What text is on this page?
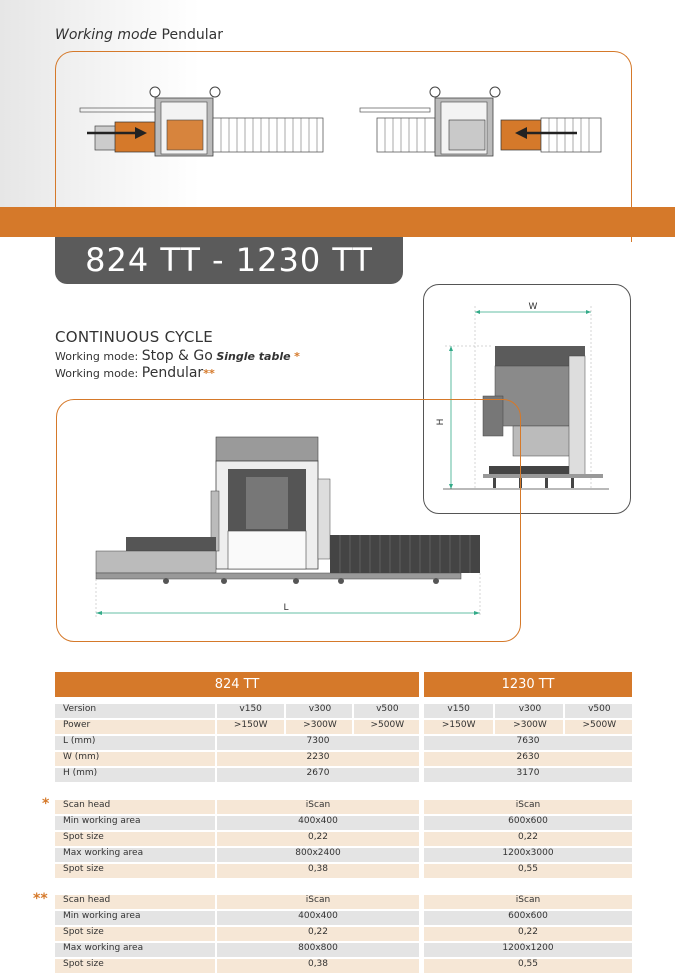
Working mode Pendular
824 TT - 1230 TT
CONTINUOUS CYCLE
Working mode: Stop & Go Single table *
Working mode: Pendular**
W
H
L
824 TT	1230 TT
*
**
Version	v150	v300	v500	v150	v300	v500
Power	>150W	>300W	>500W	>150W	>300W	>500W
L (mm)	7300	7630
W (mm)	2230	2630
H (mm)	2670	3170
Scan head	iScan	iScan
Min working area	400x400	600x600
Spot size	0,22	0,22
Max working area	800x2400	1200x3000
Spot size	0,38	0,55
Scan head	iScan	iScan
Min working area	400x400	600x600
Spot size	0,22	0,22
Max working area	800x800	1200x1200
Spot size	0,38	0,55
